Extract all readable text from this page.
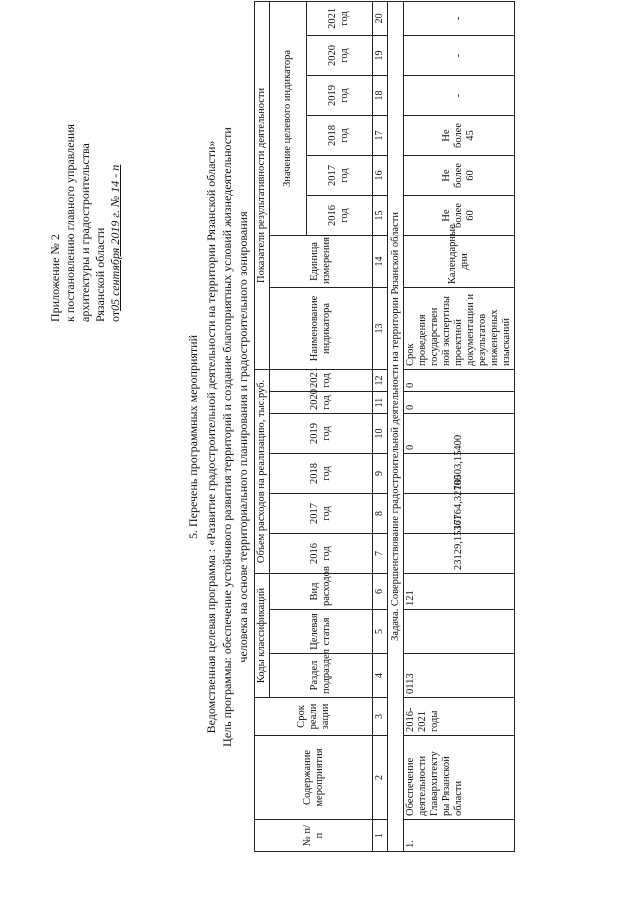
Приложение № 2 к постановлению главного управления архитектуры и градостроительства Рязанской области от05 сентября 2019 г. № 14 - п
5. Перечень программных мероприятий Ведомственная целевая программа : «Развитие градостроительной деятельности на территории Рязанской области» Цель программы: обеспечение устойчивого развития территорий и создание благоприятных условий жизнедеятельности человека на основе территориального планирования и градостроительного зонирования
№ п/п	Содержание мероприятия	Срок реали зации	Коды классификаций			Объем расходов на реализацию, тыс.руб.						Показатели результативности деятельности							
			Раздел подраздел	Целевая статья	Вид расходов	2016 год	2017 год	2018 год	2019 год	2020 год	2021 год	Наименование индикатора	Единица измерения	Значение целевого индикатора					
														2016 год	2017 год	2018 год	2019 год	2020 год	2021 год
1	2	3	4	5	6	7	8	9	10	11	12	13	14	15	16	17	18	19	20
Задача. Совершенствование градостроительной деятельности на территории Рязанской области																			
1.	Обеспечение деятельности Главархитекту ры Рязанской области	2016-2021 годы	0113		121	23129,15361	17764,32700	18503,15400	0	0	0	Срок проведения государствен ной экспертизы проектной документации и результатов инженерных изысканий	Календарные дни	Не более 60	Не более 60	Не более 45	-	-	-
